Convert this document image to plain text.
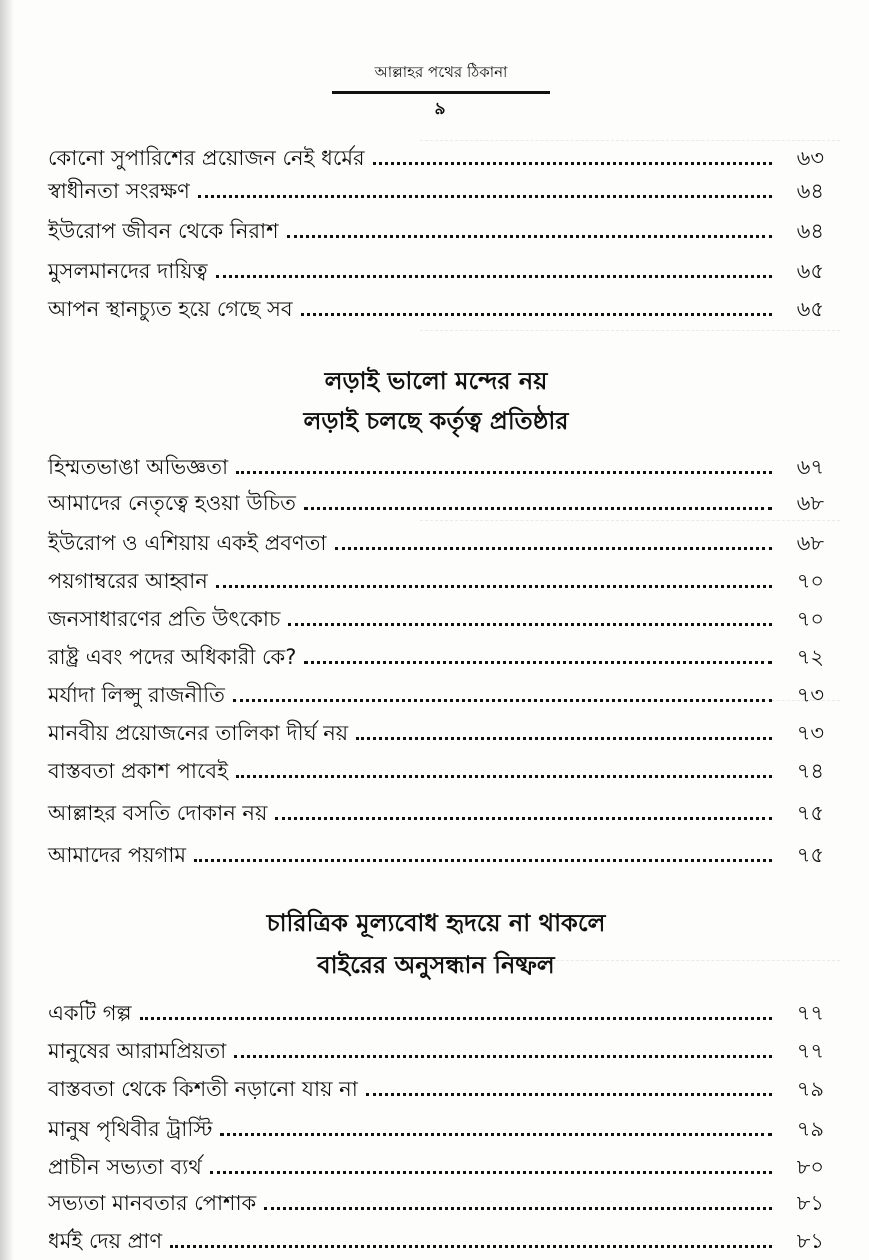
আল্লাহর পথের ঠিকানা
৯
কোনো সুপারিশের প্রয়োজন নেই ধর্মের	৬৩
স্বাধীনতা সংরক্ষণ	৬৪
ইউরোপ জীবন থেকে নিরাশ	৬৪
মুসলমানদের দায়িত্ব	৬৫
আপন স্থানচ্যুত হয়ে গেছে সব	৬৫
লড়াই ভালো মন্দের নয়
লড়াই চলছে কর্তৃত্ব প্রতিষ্ঠার
হিম্মতভাঙা অভিজ্ঞতা	৬৭
আমাদের নেতৃত্বে হওয়া উচিত	৬৮
ইউরোপ ও এশিয়ায় একই প্রবণতা	৬৮
পয়গাম্বরের আহ্বান	৭০
জনসাধারণের প্রতি উৎকোচ	৭০
রাষ্ট্র এবং পদের অধিকারী কে?	৭২
মর্যাদা লিপ্সু রাজনীতি	৭৩
মানবীয় প্রয়োজনের তালিকা দীর্ঘ নয়	৭৩
বাস্তবতা প্রকাশ পাবেই	৭৪
আল্লাহর বসতি দোকান নয়	৭৫
আমাদের পয়গাম	৭৫
চারিত্রিক মূল্যবোধ হৃদয়ে না থাকলে
বাইরের অনুসন্ধান নিষ্ফল
একটি গল্প	৭৭
মানুষের আরামপ্রিয়তা	৭৭
বাস্তবতা থেকে কিশতী নড়ানো যায় না	৭৯
মানুষ পৃথিবীর ট্রাস্টি	৭৯
প্রাচীন সভ্যতা ব্যর্থ	৮০
সভ্যতা মানবতার পোশাক	৮১
ধর্মই দেয় প্রাণ	৮১
